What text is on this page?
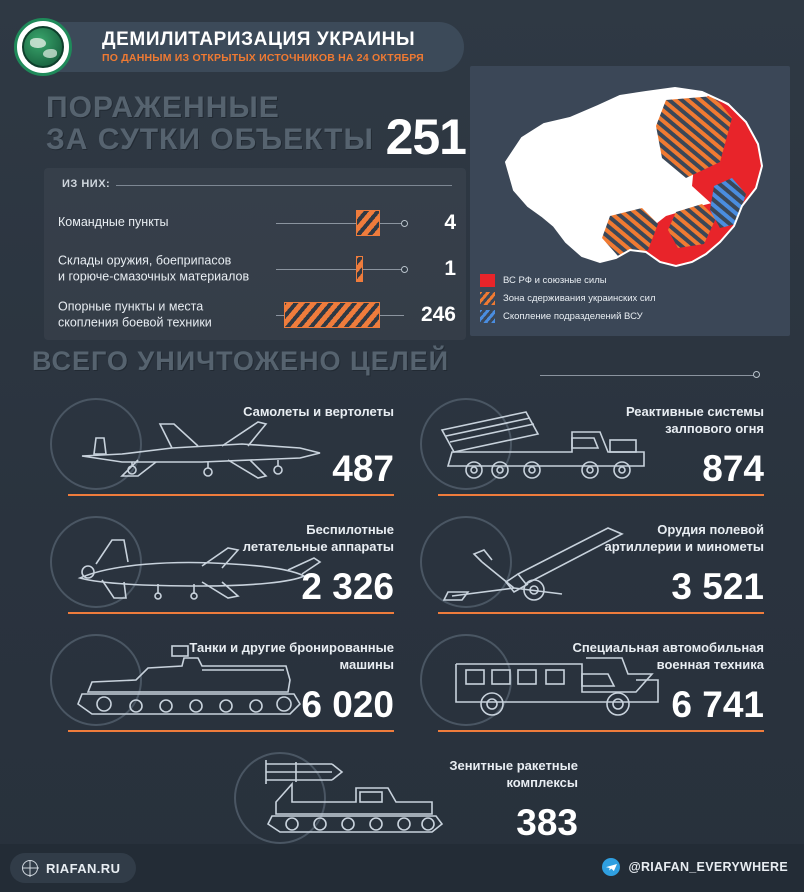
ДЕМИЛИТАРИЗАЦИЯ УКРАИНЫ
ПО ДАННЫМ ИЗ ОТКРЫТЫХ ИСТОЧНИКОВ НА 24 ОКТЯБРЯ
ПОРАЖЕННЫЕ
ЗА СУТКИ ОБЪЕКТЫ 251
ИЗ НИХ:
Командные пункты	4
Склады оружия, боеприпасов
и горюче-смазочных материалов	1
Опорные пункты и места
скопления боевой техники	246
ВС РФ и союзные силы
Зона сдерживания украинских сил
Скопление подразделений ВСУ
ВСЕГО УНИЧТОЖЕНО ЦЕЛЕЙ
Самолеты и вертолеты
487
Реактивные системы
залпового огня
874
Беспилотные
летательные аппараты
2 326
Орудия полевой
артиллерии и минометы
3 521
Танки и другие бронированные
машины
6 020
Специальная автомобильная
военная техника
6 741
Зенитные ракетные
комплексы
383
RIAFAN.RU	@RIAFAN_EVERYWHERE
